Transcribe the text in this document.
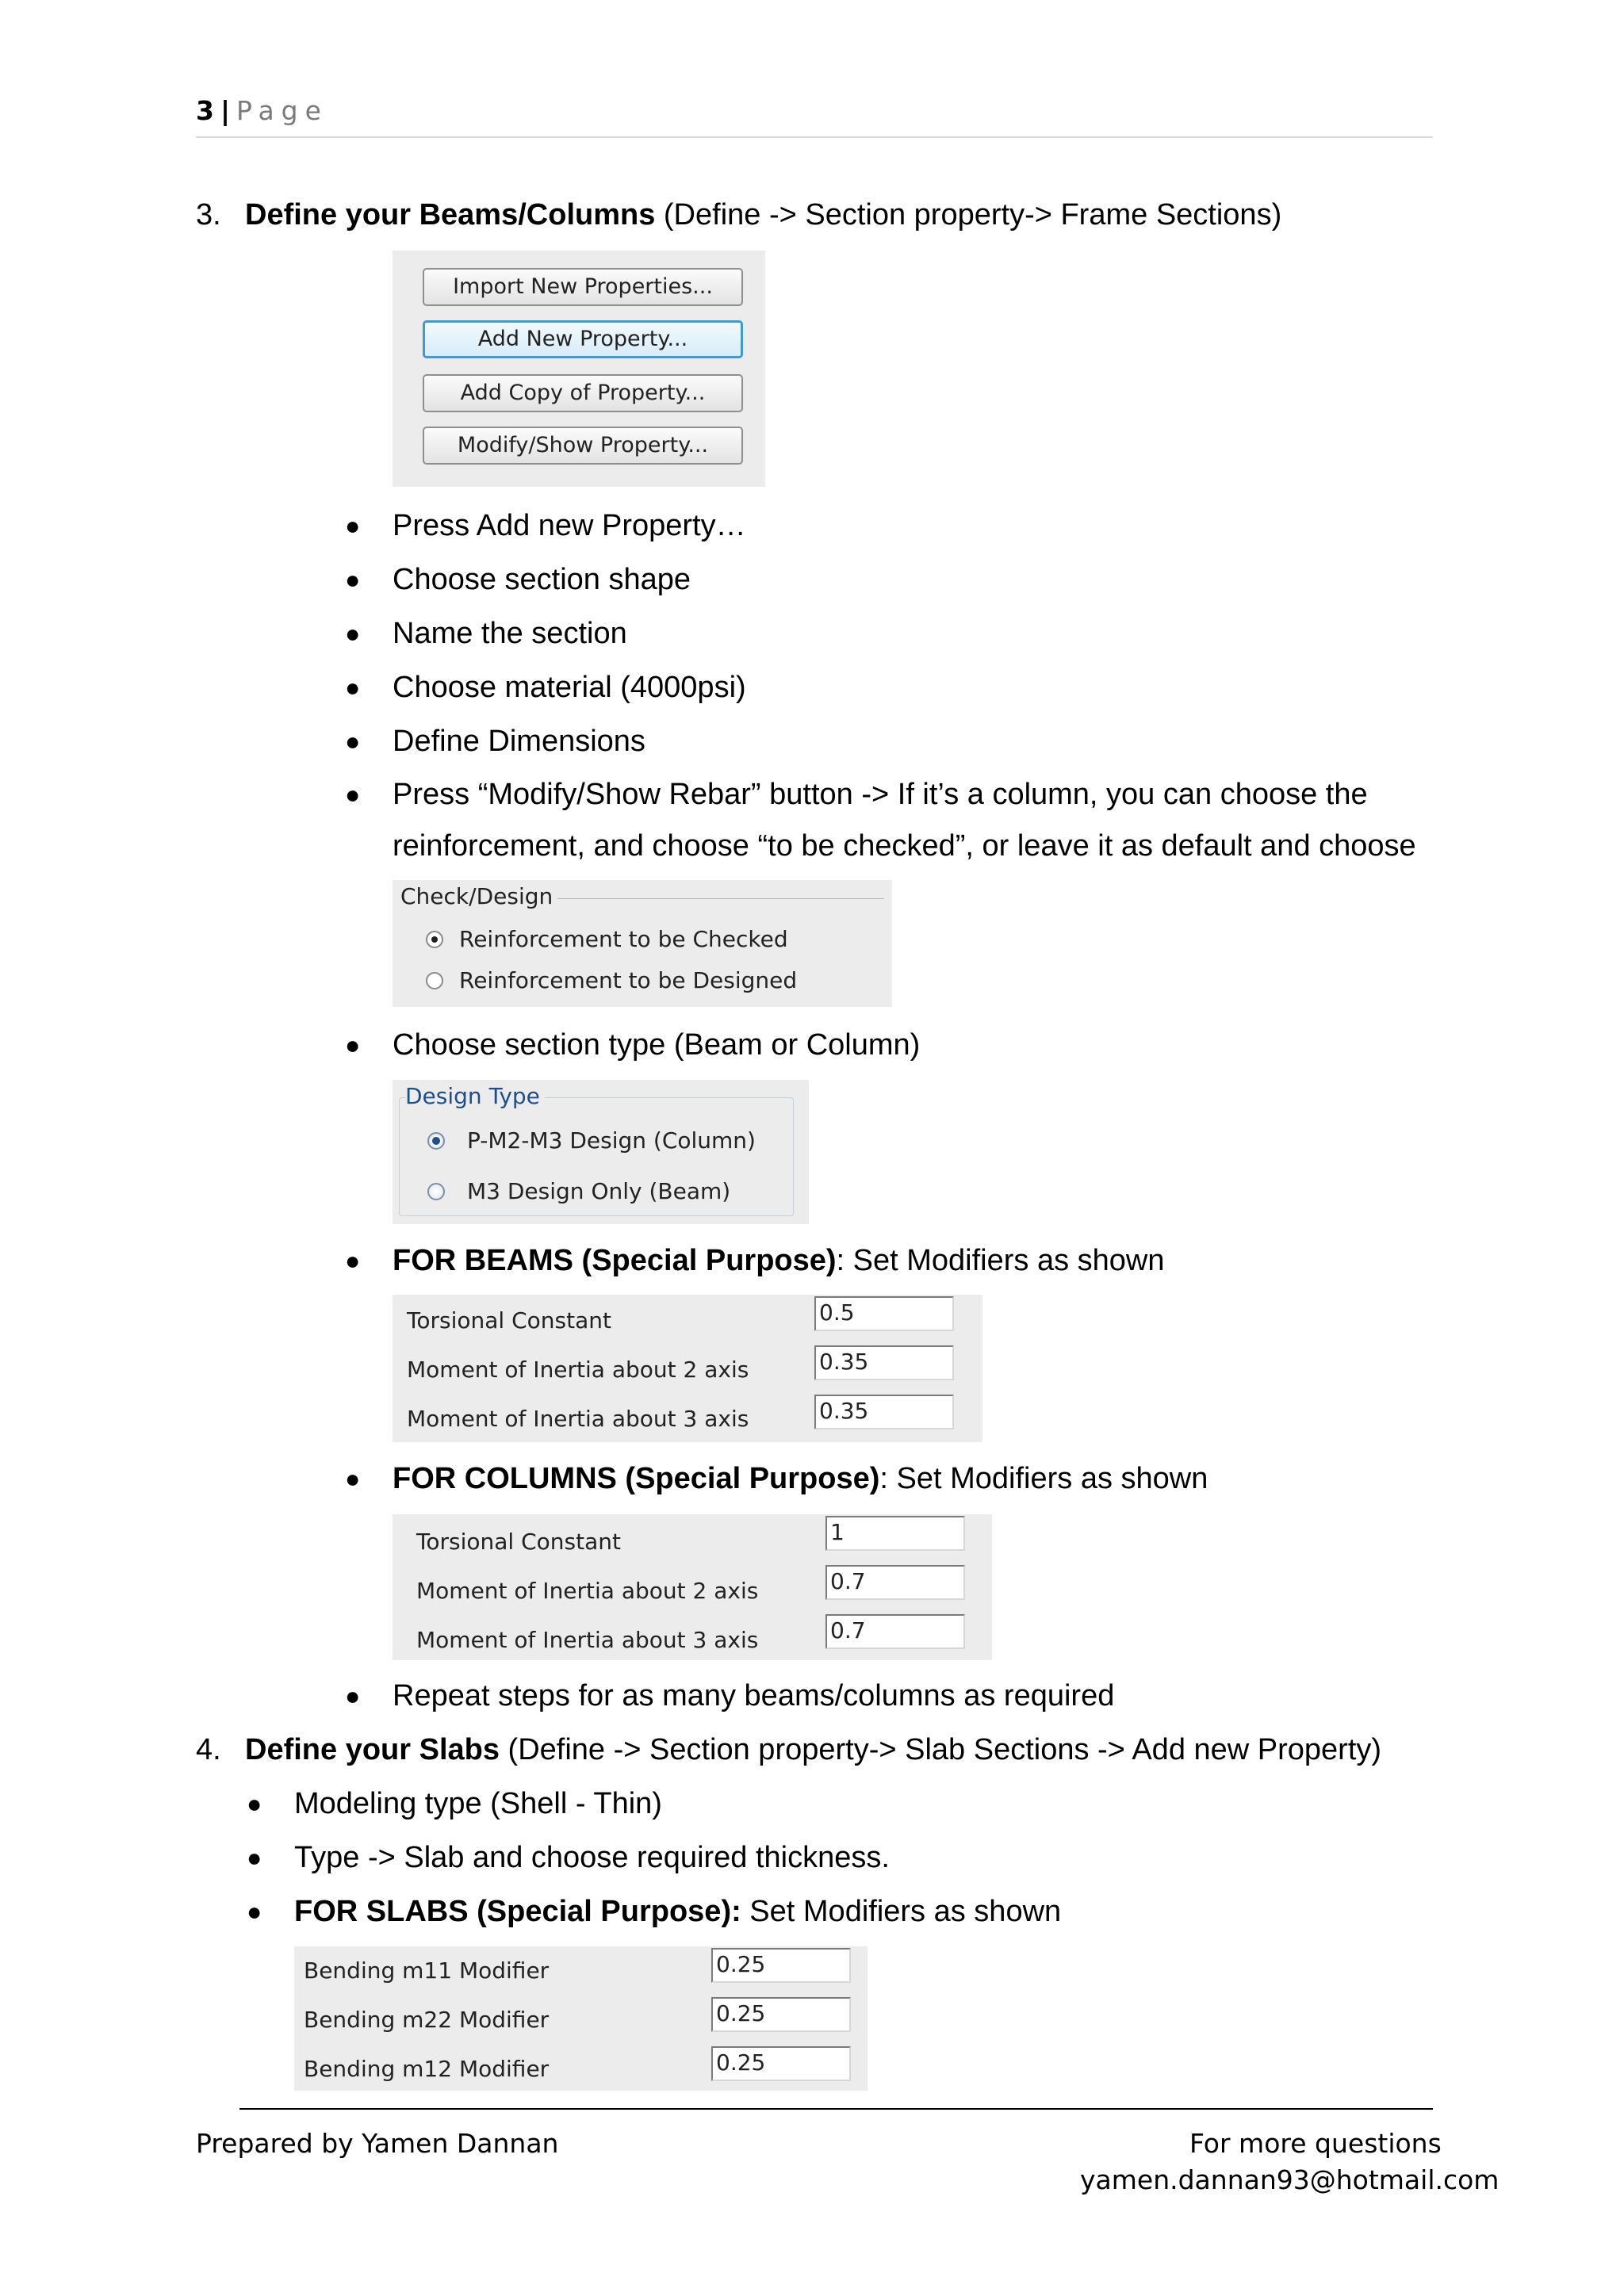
3 | Page
3. Define your Beams/Columns (Define -> Section property-> Frame Sections)
Import New Properties...
Add New Property...
Add Copy of Property...
Modify/Show Property...
● Press Add new Property…
● Choose section shape
● Name the section
● Choose material (4000psi)
● Define Dimensions
● Press “Modify/Show Rebar” button -> If it’s a column, you can choose the
reinforcement, and choose “to be checked”, or leave it as default and choose
Check/Design
Reinforcement to be Checked
Reinforcement to be Designed
● Choose section type (Beam or Column)
Design Type
P-M2-M3 Design (Column)
M3 Design Only (Beam)
● FOR BEAMS (Special Purpose): Set Modifiers as shown
Torsional Constant	0.5
Moment of Inertia about 2 axis	0.35
Moment of Inertia about 3 axis	0.35
● FOR COLUMNS (Special Purpose): Set Modifiers as shown
Torsional Constant	1
Moment of Inertia about 2 axis	0.7
Moment of Inertia about 3 axis	0.7
● Repeat steps for as many beams/columns as required
4. Define your Slabs (Define -> Section property-> Slab Sections -> Add new Property)
● Modeling type (Shell - Thin)
● Type -> Slab and choose required thickness.
● FOR SLABS (Special Purpose): Set Modifiers as shown
Bending m11 Modifier	0.25
Bending m22 Modifier	0.25
Bending m12 Modifier	0.25
Prepared by Yamen Dannan	For more questions
yamen.dannan93@hotmail.com
